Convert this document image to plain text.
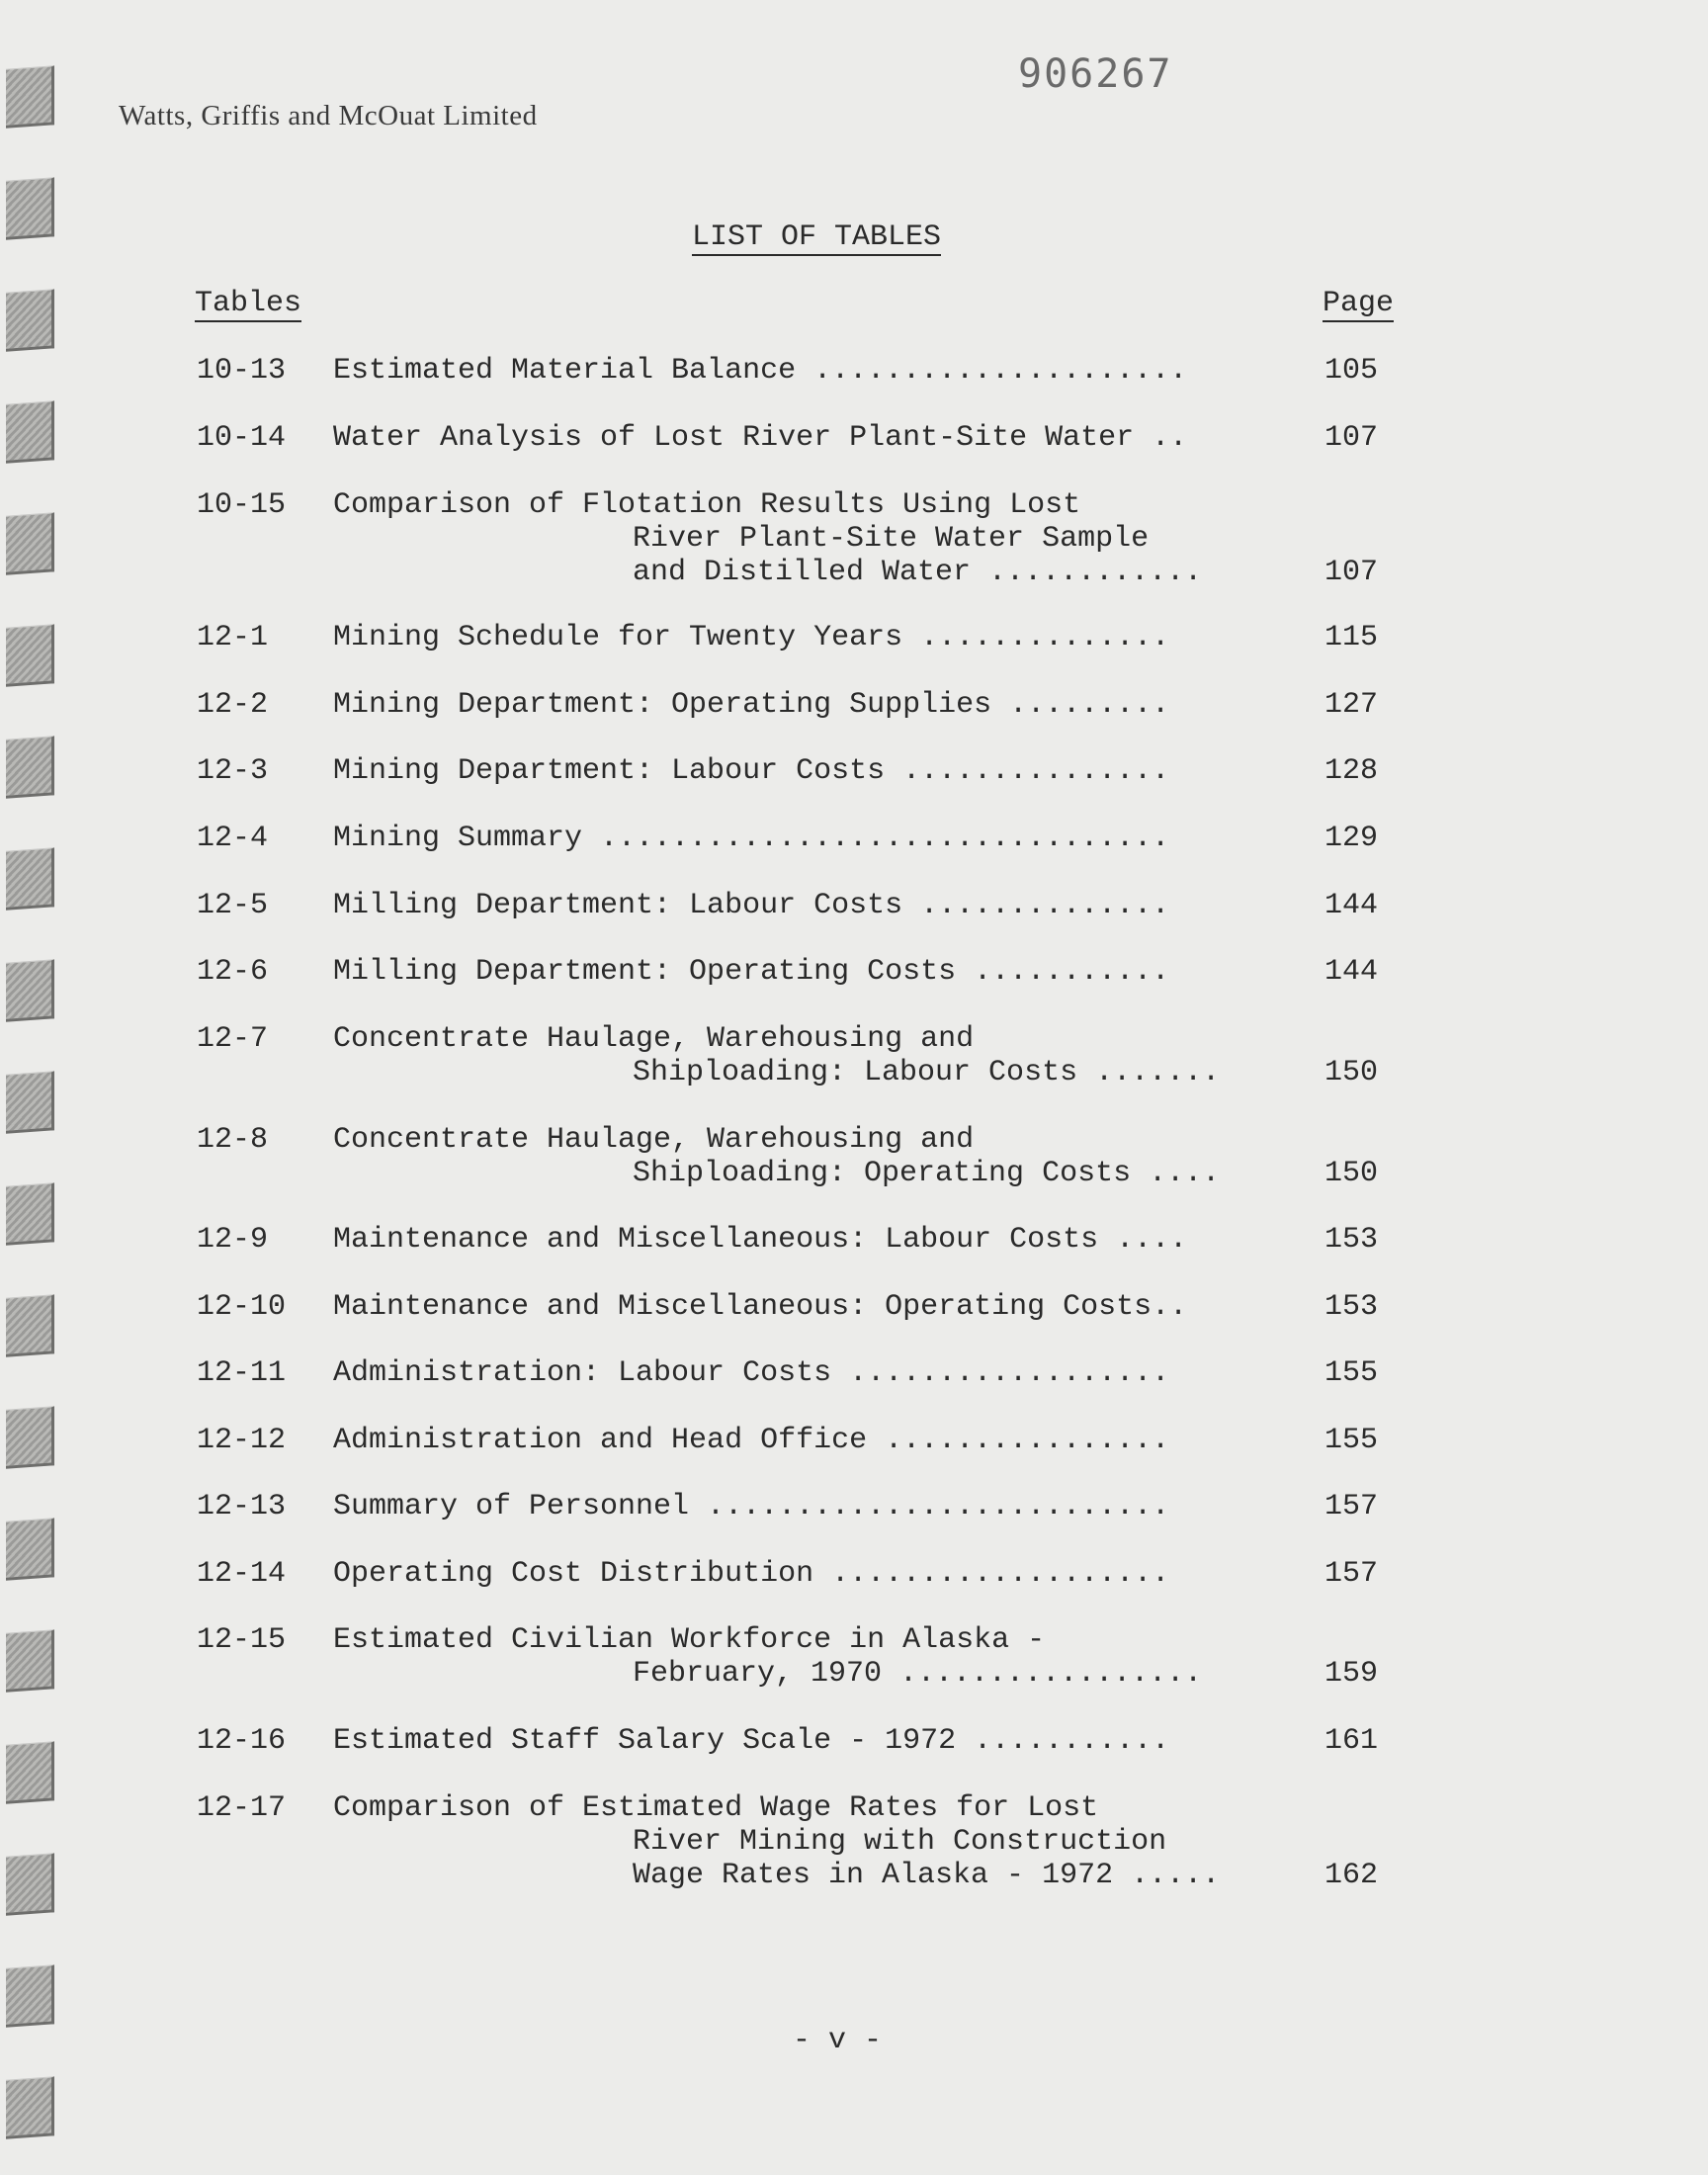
906267
Watts, Griffis and McOuat Limited
LIST OF TABLES
Tables	Page
10-13 Estimated Material Balance .....................	105
10-14 Water Analysis of Lost River Plant-Site Water ..	107
10-15 Comparison of Flotation Results Using Lost
River Plant-Site Water Sample
and Distilled Water ............	107
12-1 Mining Schedule for Twenty Years ..............	115
12-2 Mining Department: Operating Supplies .........	127
12-3 Mining Department: Labour Costs ...............	128
12-4 Mining Summary ................................	129
12-5 Milling Department: Labour Costs ..............	144
12-6 Milling Department: Operating Costs ...........	144
12-7 Concentrate Haulage, Warehousing and
Shiploading: Labour Costs .......	150
12-8 Concentrate Haulage, Warehousing and
Shiploading: Operating Costs ....	150
12-9 Maintenance and Miscellaneous: Labour Costs ....	153
12-10 Maintenance and Miscellaneous: Operating Costs..	153
12-11 Administration: Labour Costs ..................	155
12-12 Administration and Head Office ................	155
12-13 Summary of Personnel ..........................	157
12-14 Operating Cost Distribution ...................	157
12-15 Estimated Civilian Workforce in Alaska -
February, 1970 .................	159
12-16 Estimated Staff Salary Scale - 1972 ...........	161
12-17 Comparison of Estimated Wage Rates for Lost
River Mining with Construction
Wage Rates in Alaska - 1972 .....	162
- v -
